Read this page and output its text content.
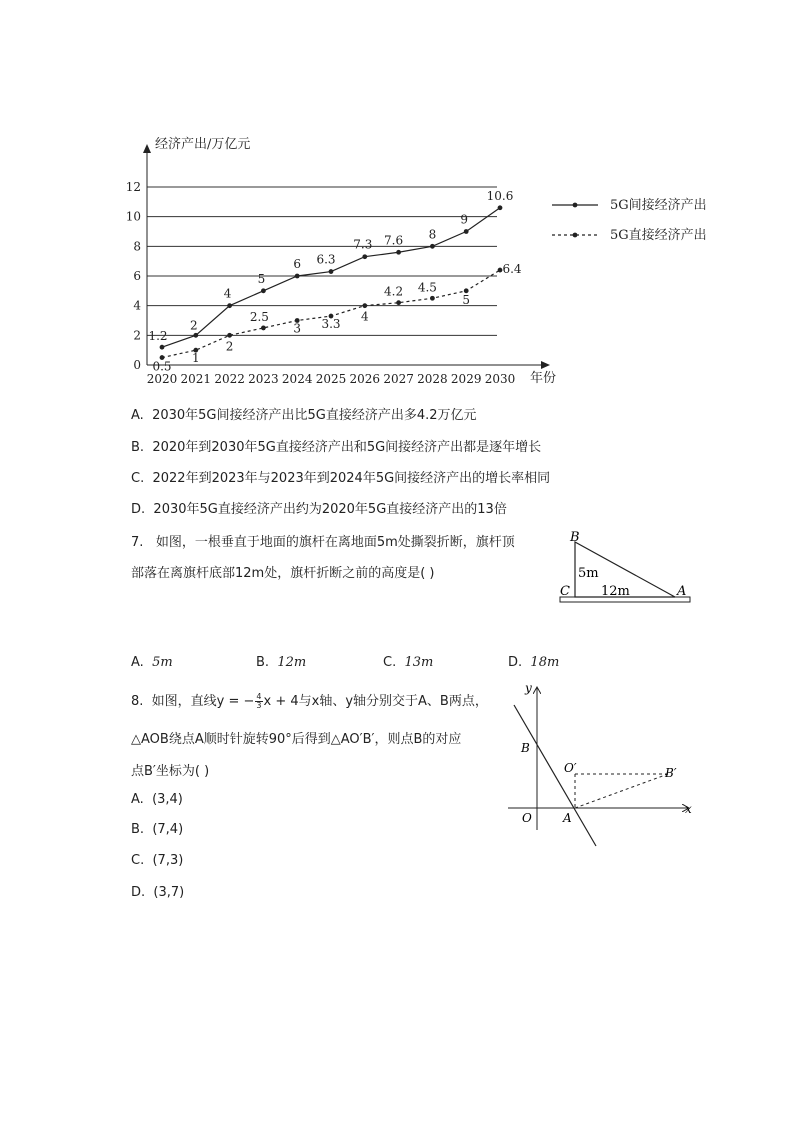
0
2
4
6
8
10
12
经济产出/万亿元
年份
2020 2021 2022 2023 2024 2025 2026 2027 2028 2029 2030
1.2
2
4
5
6 6.3
7.3 7.6 8
9
10.6
0.5
1
2
2.5
3 3.3
4
4.2 4.5
5
6.4
5G间接经济产出
5G直接经济产出
A. 2030年5G间接经济产出比5G直接经济产出多4.2万亿元
B. 2020年到2030年5G直接经济产出和5G间接经济产出都是逐年增长
C. 2022年到2023年与2023年到2024年5G间接经济产出的增长率相同
D. 2030年5G直接经济产出约为2020年5G直接经济产出的13倍
7. 如图，一根垂直于地面的旗杆在离地面5m处撕裂折断，旗杆顶
部落在离旗杆底部12m处，旗杆折断之前的高度是( )
B
C	A
5m
12m
A. 5m	B. 12m	C. 13m	D. 18m
8. 如图，直线y = − $\frac{4}{3}$ x + 4与x轴、y轴分别交于A、B两点，
△AOB绕点A顺时针旋转90°后得到△AO′B′，则点B的对应
点B′坐标为( )
A. (3,4)
B. (7,4)
C. (7,3)
D. (3,7)
y
x
B
O′	B′
O	A
